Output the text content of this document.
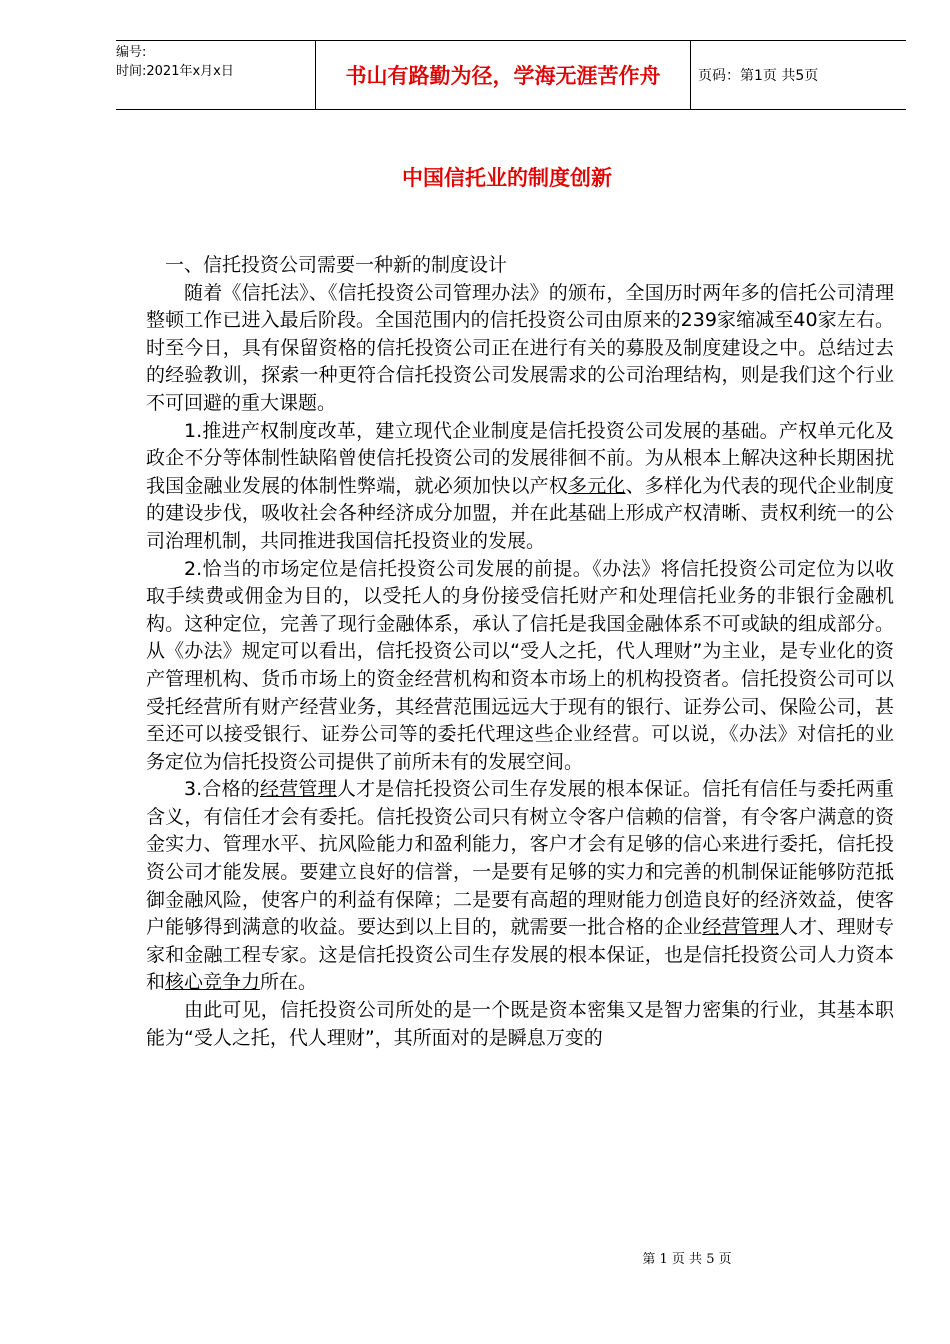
编号:
时间:2021年x月x日	书山有路勤为径，学海无涯苦作舟	页码：第1页 共5页
中国信托业的制度创新

一、信托投资公司需要一种新的制度设计

随着《信托法》、《信托投资公司管理办法》的颁布，全国历时两年多的信托公司清理整顿工作已进入最后阶段。全国范围内的信托投资公司由原来的239家缩减至40家左右。时至今日，具有保留资格的信托投资公司正在进行有关的募股及制度建设之中。总结过去的经验教训，探索一种更符合信托投资公司发展需求的公司治理结构，则是我们这个行业不可回避的重大课题。

1.推进产权制度改革，建立现代企业制度是信托投资公司发展的基础。产权单元化及政企不分等体制性缺陷曾使信托投资公司的发展徘徊不前。为从根本上解决这种长期困扰我国金融业发展的体制性弊端，就必须加快以产权多元化、多样化为代表的现代企业制度的建设步伐，吸收社会各种经济成分加盟，并在此基础上形成产权清晰、责权利统一的公司治理机制，共同推进我国信托投资业的发展。

2.恰当的市场定位是信托投资公司发展的前提。《办法》将信托投资公司定位为以收取手续费或佣金为目的，以受托人的身份接受信托财产和处理信托业务的非银行金融机构。这种定位，完善了现行金融体系，承认了信托是我国金融体系不可或缺的组成部分。从《办法》规定可以看出，信托投资公司以“受人之托，代人理财”为主业，是专业化的资产管理机构、货币市场上的资金经营机构和资本市场上的机构投资者。信托投资公司可以受托经营所有财产经营业务，其经营范围远远大于现有的银行、证券公司、保险公司，甚至还可以接受银行、证券公司等的委托代理这些企业经营。可以说，《办法》对信托的业务定位为信托投资公司提供了前所未有的发展空间。

3.合格的经营管理人才是信托投资公司生存发展的根本保证。信托有信任与委托两重含义，有信任才会有委托。信托投资公司只有树立令客户信赖的信誉，有令客户满意的资金实力、管理水平、抗风险能力和盈利能力，客户才会有足够的信心来进行委托，信托投资公司才能发展。要建立良好的信誉，一是要有足够的实力和完善的机制保证能够防范抵御金融风险，使客户的利益有保障；二是要有高超的理财能力创造良好的经济效益，使客户能够得到满意的收益。要达到以上目的，就需要一批合格的企业经营管理人才、理财专家和金融工程专家。这是信托投资公司生存发展的根本保证，也是信托投资公司人力资本和核心竞争力所在。

由此可见，信托投资公司所处的是一个既是资本密集又是智力密集的行业，其基本职能为“受人之托，代人理财”，其所面对的是瞬息万变的

第 1 页 共 5 页
